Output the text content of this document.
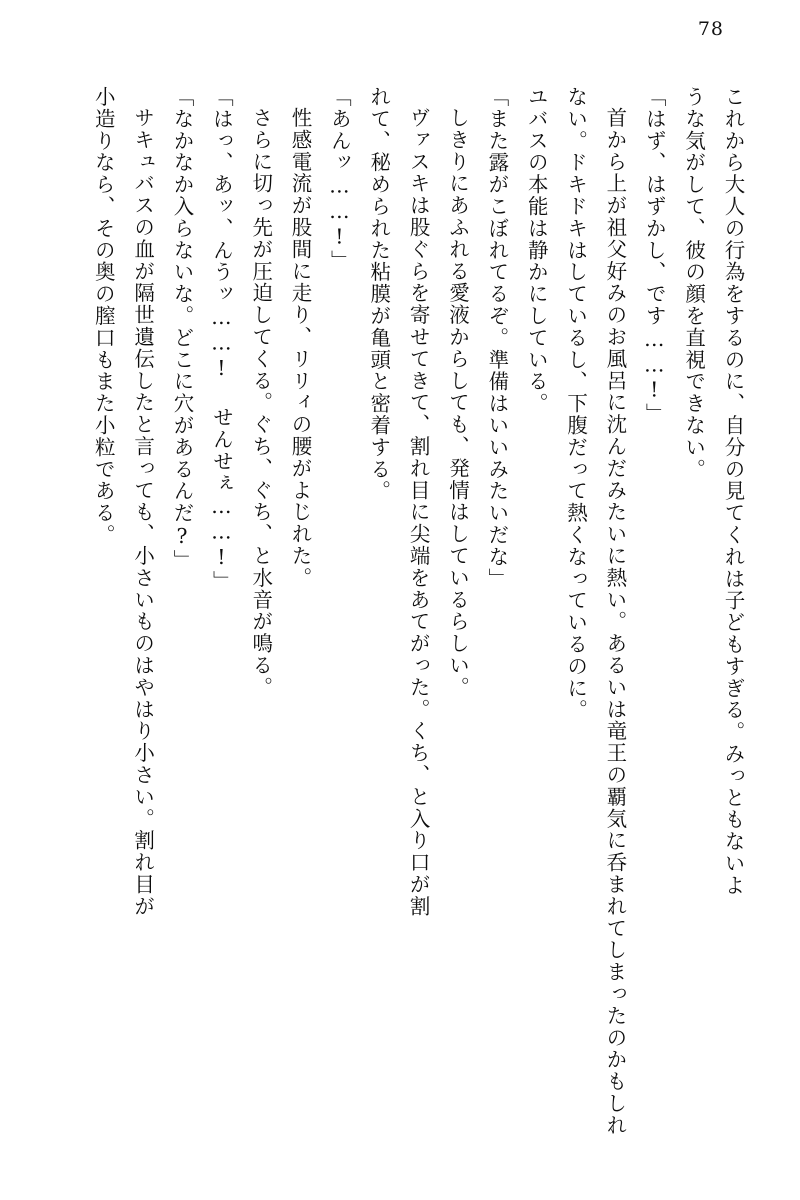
78

これから大人の行為をするのに、自分の見てくれは子どもすぎる。みっともないよ

うな気がして、彼の顔を直視できない。

「はず、はずかし、です……!」

首から上が祖父好みのお風呂に沈んだみたいに熱い。あるいは竜王の覇気に呑まれてしまったのかもしれ

ない。ドキドキはしているし、下腹だって熱くなっているのに。

ユバスの本能は静かにしている。

「また露がこぼれてるぞ。準備はいいみたいだな」

しきりにあふれる愛液からしても、発情はしているらしい。

ヴァスキは股ぐらを寄せてきて、割れ目に尖端をあてがった。くち、と入り口が割

れて、秘められた粘膜が亀頭と密着する。

「あんッ……!」

性感電流が股間に走り、リリィの腰がよじれた。

さらに切っ先が圧迫してくる。ぐち、ぐち、と水音が鳴る。

「はっ、あッ、んうッ……! せんせぇ……!」

「なかなか入らないな。どこに穴があるんだ?」

サキュバスの血が隔世遺伝したと言っても、小さいものはやはり小さい。割れ目が

小造りなら、その奥の膣口もまた小粒である。
